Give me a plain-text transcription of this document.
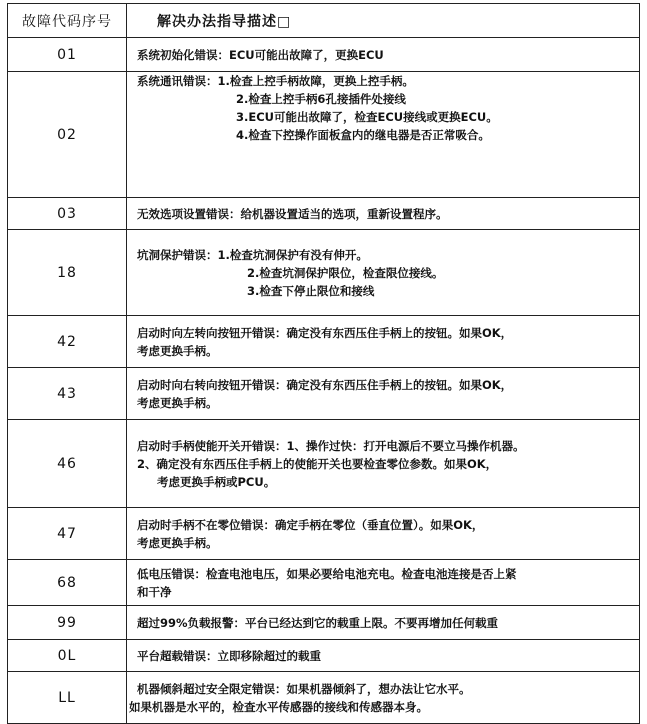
故障代码序号	解决办法指导描述□
01	系统初始化错误：ECU可能出故障了，更换ECU

02	系统通讯错误：1.检查上控手柄故障，更换上控手柄。
2.检查上控手柄6孔接插件处接线
3.ECU可能出故障了，检查ECU接线或更换ECU。
4.检查下控操作面板盒内的继电器是否正常吸合。

03	无效选项设置错误：给机器设置适当的选项，重新设置程序。

18	坑洞保护错误：1.检查坑洞保护有没有伸开。
2.检查坑洞保护限位，检查限位接线。
3.检查下停止限位和接线

42	启动时向左转向按钮开错误：确定没有东西压住手柄上的按钮。如果OK，
考虑更换手柄。

43	启动时向右转向按钮开错误：确定没有东西压住手柄上的按钮。如果OK，
考虑更换手柄。

46	启动时手柄使能开关开错误：1、操作过快：打开电源后不要立马操作机器。
2、确定没有东西压住手柄上的使能开关也要检查零位参数。如果OK，
考虑更换手柄或PCU。

47	启动时手柄不在零位错误：确定手柄在零位（垂直位置）。如果OK，
考虑更换手柄。

68	低电压错误：检查电池电压，如果必要给电池充电。检查电池连接是否上紧
和干净

99	超过99%负载报警：平台已经达到它的载重上限。不要再增加任何载重

0L	平台超载错误：立即移除超过的载重

LL	机器倾斜超过安全限定错误：如果机器倾斜了，想办法让它水平。
如果机器是水平的，检查水平传感器的接线和传感器本身。
